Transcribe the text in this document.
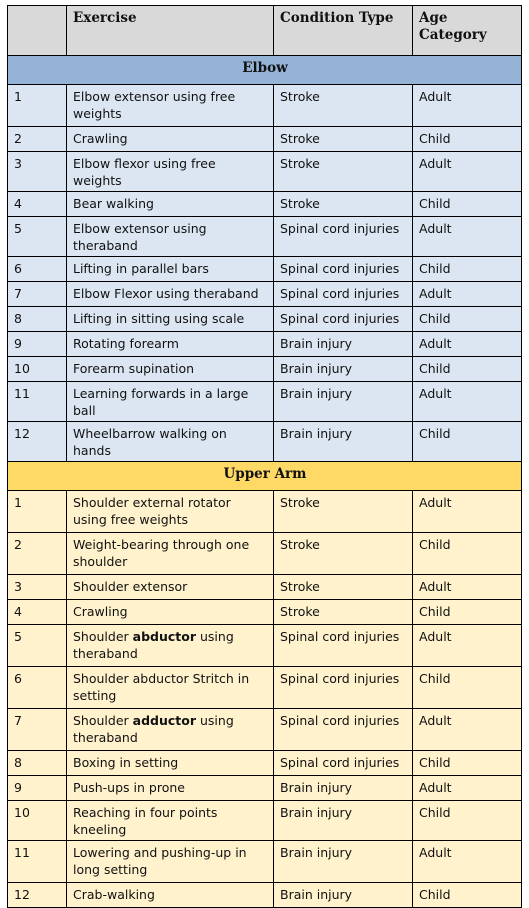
	Exercise	Condition Type	Age Category
Elbow			
1	Elbow extensor using free weights	Stroke	Adult
2	Crawling	Stroke	Child
3	Elbow flexor using free weights	Stroke	Adult
4	Bear walking	Stroke	Child
5	Elbow extensor using theraband	Spinal cord injuries	Adult
6	Lifting in parallel bars	Spinal cord injuries	Child
7	Elbow Flexor using theraband	Spinal cord injuries	Adult
8	Lifting in sitting using scale	Spinal cord injuries	Child
9	Rotating forearm	Brain injury	Adult
10	Forearm supination	Brain injury	Child
11	Learning forwards in a large ball	Brain injury	Adult
12	Wheelbarrow walking on hands	Brain injury	Child
Upper Arm			
1	Shoulder external rotator using free weights	Stroke	Adult
2	Weight-bearing through one shoulder	Stroke	Child
3	Shoulder extensor	Stroke	Adult
4	Crawling	Stroke	Child
5	Shoulder abductor using theraband	Spinal cord injuries	Adult
6	Shoulder abductor Stritch in setting	Spinal cord injuries	Child
7	Shoulder adductor using theraband	Spinal cord injuries	Adult
8	Boxing in setting	Spinal cord injuries	Child
9	Push-ups in prone	Brain injury	Adult
10	Reaching in four points kneeling	Brain injury	Child
11	Lowering and pushing-up in long setting	Brain injury	Adult
12	Crab-walking	Brain injury	Child
